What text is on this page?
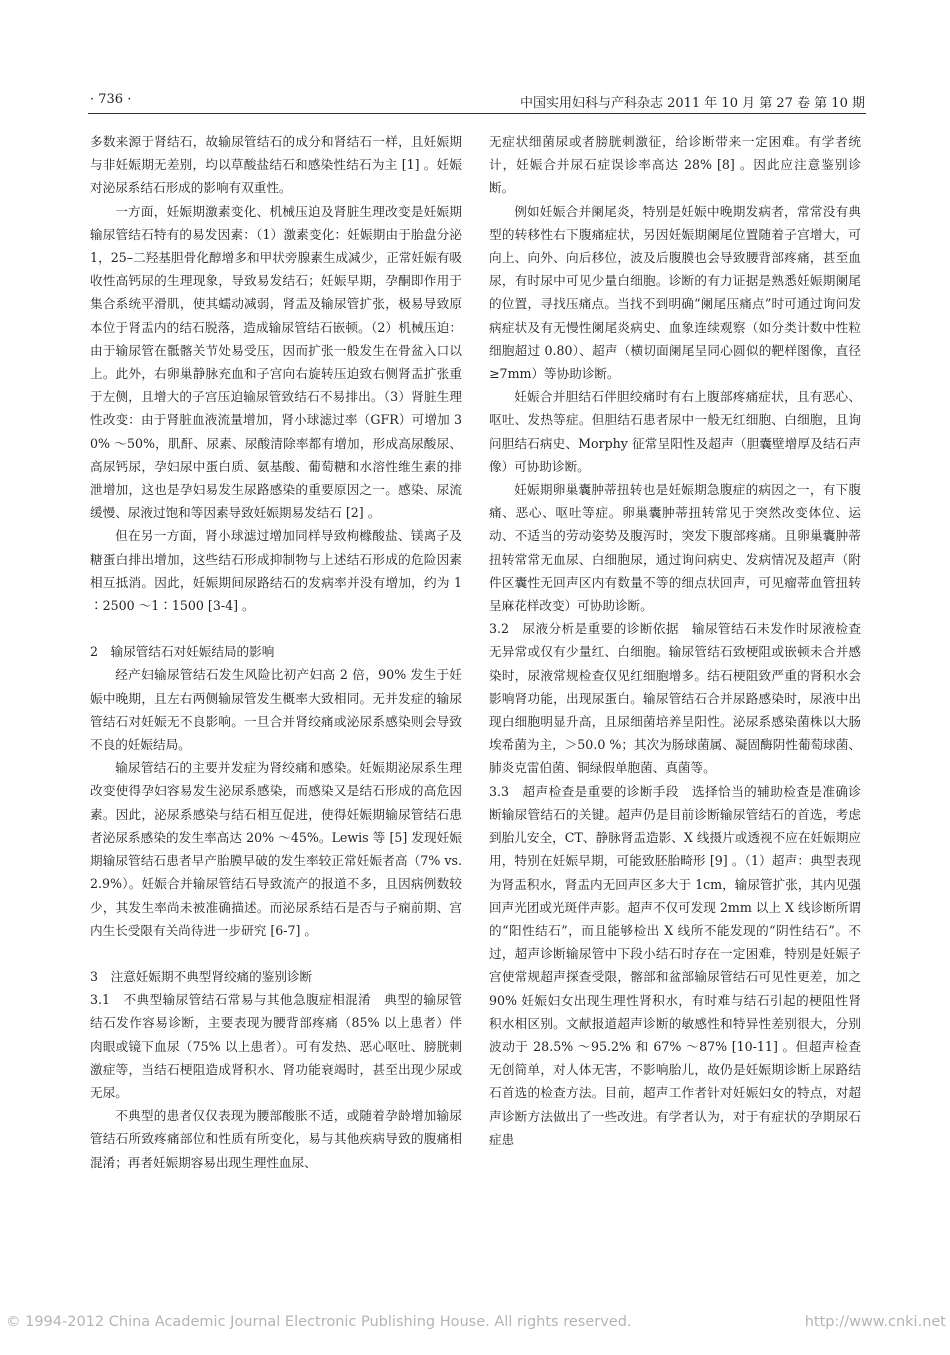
· 736 ·	中国实用妇科与产科杂志 2011 年 10 月 第 27 卷 第 10 期

多数来源于肾结石，故输尿管结石的成分和肾结石一样，且妊娠期与非妊娠期无差别，均以草酸盐结石和感染性结石为主 [1] 。妊娠对泌尿系结石形成的影响有双重性。

一方面，妊娠期激素变化、机械压迫及肾脏生理改变是妊娠期输尿管结石特有的易发因素：（1）激素变化：妊娠期由于胎盘分泌 1，25–二羟基胆骨化醇增多和甲状旁腺素生成减少，正常妊娠有吸收性高钙尿的生理现象，导致易发结石；妊娠早期，孕酮即作用于集合系统平滑肌，使其蠕动减弱，肾盂及输尿管扩张，极易导致原本位于肾盂内的结石脱落，造成输尿管结石嵌顿。（2）机械压迫：由于输尿管在骶髂关节处易受压，因而扩张一般发生在骨盆入口以上。此外，右卵巢静脉充血和子宫向右旋转压迫致右侧肾盂扩张重于左侧，且增大的子宫压迫输尿管致结石不易排出。（3）肾脏生理性改变：由于肾脏血液流量增加，肾小球滤过率（GFR）可增加 30% ～50%，肌酐、尿素、尿酸清除率都有增加，形成高尿酸尿、高尿钙尿，孕妇尿中蛋白质、氨基酸、葡萄糖和水溶性维生素的排泄增加，这也是孕妇易发生尿路感染的重要原因之一。感染、尿流缓慢、尿液过饱和等因素导致妊娠期易发结石 [2] 。

但在另一方面，肾小球滤过增加同样导致枸橼酸盐、镁离子及糖蛋白排出增加，这些结石形成抑制物与上述结石形成的危险因素相互抵消。因此，妊娠期间尿路结石的发病率并没有增加，约为 1∶2500 ～1∶1500 [3-4] 。

2　输尿管结石对妊娠结局的影响

经产妇输尿管结石发生风险比初产妇高 2 倍，90% 发生于妊娠中晚期，且左右两侧输尿管发生概率大致相同。无并发症的输尿管结石对妊娠无不良影响。一旦合并肾绞痛或泌尿系感染则会导致不良的妊娠结局。

输尿管结石的主要并发症为肾绞痛和感染。妊娠期泌尿系生理改变使得孕妇容易发生泌尿系感染，而感染又是结石形成的高危因素。因此，泌尿系感染与结石相互促进，使得妊娠期输尿管结石患者泌尿系感染的发生率高达 20% ～45%。Lewis 等 [5] 发现妊娠期输尿管结石患者早产胎膜早破的发生率较正常妊娠者高（7% vs. 2.9%）。妊娠合并输尿管结石导致流产的报道不多，且因病例数较少，其发生率尚未被准确描述。而泌尿系结石是否与子痫前期、宫内生长受限有关尚待进一步研究 [6-7] 。

3　注意妊娠期不典型肾绞痛的鉴别诊断

3.1　不典型输尿管结石常易与其他急腹症相混淆　典型的输尿管结石发作容易诊断，主要表现为腰背部疼痛（85% 以上患者）伴肉眼或镜下血尿（75% 以上患者）。可有发热、恶心呕吐、膀胱刺激症等，当结石梗阻造成肾积水、肾功能衰竭时，甚至出现少尿或无尿。

不典型的患者仅仅表现为腰部酸胀不适，或随着孕龄增加输尿管结石所致疼痛部位和性质有所变化，易与其他疾病导致的腹痛相混淆；再者妊娠期容易出现生理性血尿、

无症状细菌尿或者膀胱刺激征，给诊断带来一定困难。有学者统计，妊娠合并尿石症误诊率高达 28% [8] 。因此应注意鉴别诊断。

例如妊娠合并阑尾炎，特别是妊娠中晚期发病者，常常没有典型的转移性右下腹痛症状，另因妊娠期阑尾位置随着子宫增大，可向上、向外、向后移位，波及后腹膜也会导致腰背部疼痛，甚至血尿，有时尿中可见少量白细胞。诊断的有力证据是熟悉妊娠期阑尾的位置，寻找压痛点。当找不到明确“阑尾压痛点”时可通过询问发病症状及有无慢性阑尾炎病史、血象连续观察（如分类计数中性粒细胞超过 0.80）、超声（横切面阑尾呈同心圆似的靶样图像，直径≥7mm）等协助诊断。

妊娠合并胆结石伴胆绞痛时有右上腹部疼痛症状，且有恶心、呕吐、发热等症。但胆结石患者尿中一般无红细胞、白细胞，且询问胆结石病史、Morphy 征常呈阳性及超声（胆囊壁增厚及结石声像）可协助诊断。

妊娠期卵巢囊肿蒂扭转也是妊娠期急腹症的病因之一，有下腹痛、恶心、呕吐等症。卵巢囊肿蒂扭转常见于突然改变体位、运动、不适当的劳动姿势及腹泻时，突发下腹部疼痛。且卵巢囊肿蒂扭转常常无血尿、白细胞尿，通过询问病史、发病情况及超声（附件区囊性无回声区内有数量不等的细点状回声，可见瘤蒂血管扭转呈麻花样改变）可协助诊断。

3.2　尿液分析是重要的诊断依据　输尿管结石未发作时尿液检查无异常或仅有少量红、白细胞。输尿管结石致梗阻或嵌顿未合并感染时，尿液常规检查仅见红细胞增多。结石梗阻致严重的肾积水会影响肾功能，出现尿蛋白。输尿管结石合并尿路感染时，尿液中出现白细胞明显升高，且尿细菌培养呈阳性。泌尿系感染菌株以大肠埃希菌为主，＞50.0 %；其次为肠球菌属、凝固酶阴性葡萄球菌、肺炎克雷伯菌、铜绿假单胞菌、真菌等。

3.3　超声检查是重要的诊断手段　选择恰当的辅助检查是准确诊断输尿管结石的关键。超声仍是目前诊断输尿管结石的首选，考虑到胎儿安全，CT、静脉肾盂造影、X 线摄片或透视不应在妊娠期应用，特别在妊娠早期，可能致胚胎畸形 [9] 。（1）超声：典型表现为肾盂积水，肾盂内无回声区多大于 1cm，输尿管扩张，其内见强回声光团或光斑伴声影。超声不仅可发现 2mm 以上 X 线诊断所谓的“阳性结石”，而且能够检出 X 线所不能发现的“阴性结石”。不过，超声诊断输尿管中下段小结石时存在一定困难，特别是妊娠子宫使常规超声探查受限，髂部和盆部输尿管结石可见性更差，加之 90% 妊娠妇女出现生理性肾积水，有时难与结石引起的梗阻性肾积水相区别。文献报道超声诊断的敏感性和特异性差别很大，分别波动于 28.5% ～95.2% 和 67% ～87% [10-11] 。但超声检查无创简单，对人体无害，不影响胎儿，故仍是妊娠期诊断上尿路结石首选的检查方法。目前，超声工作者针对妊娠妇女的特点，对超声诊断方法做出了一些改进。有学者认为，对于有症状的孕期尿石症患

© 1994-2012 China Academic Journal Electronic Publishing House. All rights reserved.	http://www.cnki.net
